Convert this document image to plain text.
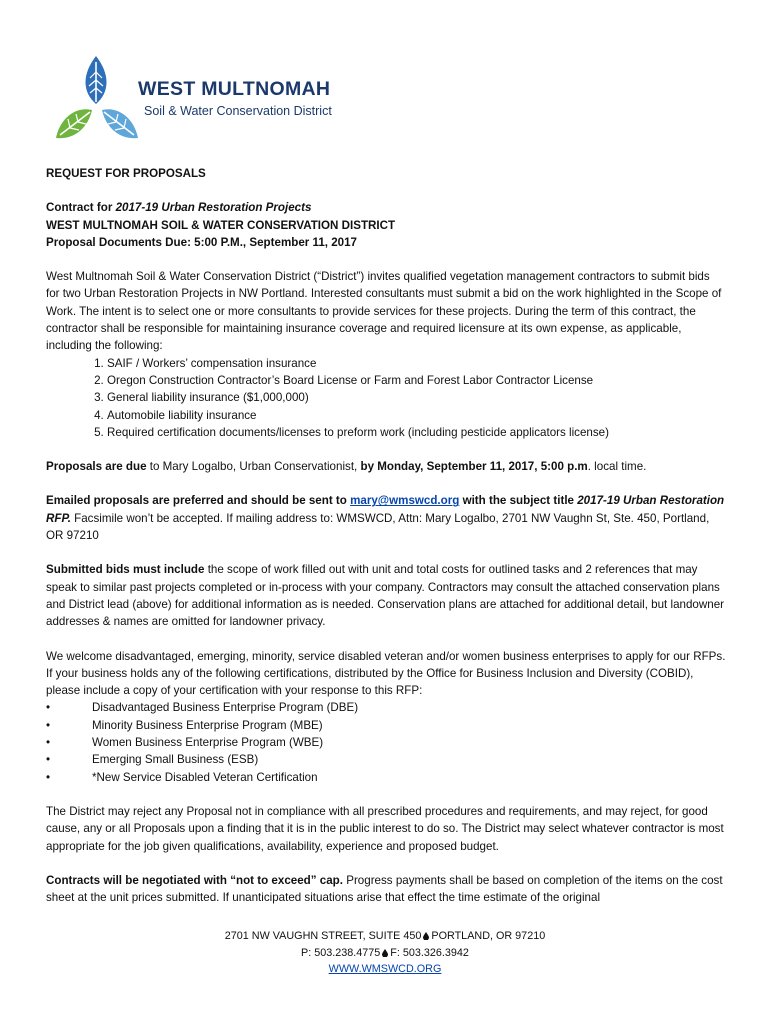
WEST MULTNOMAH
Soil & Water Conservation District

REQUEST FOR PROPOSALS

Contract for 2017-19 Urban Restoration Projects

WEST MULTNOMAH SOIL & WATER CONSERVATION DISTRICT

Proposal Documents Due: 5:00 P.M., September 11, 2017

West Multnomah Soil & Water Conservation District (“District”) invites qualified vegetation management contractors to submit bids for two Urban Restoration Projects in NW Portland. Interested consultants must submit a bid on the work highlighted in the Scope of Work. The intent is to select one or more consultants to provide services for these projects. During the term of this contract, the contractor shall be responsible for maintaining insurance coverage and required licensure at its own expense, as applicable, including the following:

1. SAIF / Workers’ compensation insurance
2. Oregon Construction Contractor’s Board License or Farm and Forest Labor Contractor License
3. General liability insurance ($1,000,000)
4. Automobile liability insurance
5. Required certification documents/licenses to preform work (including pesticide applicators license)

Proposals are due to Mary Logalbo, Urban Conservationist, by Monday, September 11, 2017, 5:00 p.m. local time.

Emailed proposals are preferred and should be sent to mary@wmswcd.org with the subject title 2017-19 Urban Restoration RFP. Facsimile won’t be accepted. If mailing address to: WMSWCD, Attn: Mary Logalbo, 2701 NW Vaughn St, Ste. 450, Portland, OR 97210

Submitted bids must include the scope of work filled out with unit and total costs for outlined tasks and 2 references that may speak to similar past projects completed or in-process with your company. Contractors may consult the attached conservation plans and District lead (above) for additional information as is needed. Conservation plans are attached for additional detail, but landowner addresses & names are omitted for landowner privacy.

We welcome disadvantaged, emerging, minority, service disabled veteran and/or women business enterprises to apply for our RFPs. If your business holds any of the following certifications, distributed by the Office for Business Inclusion and Diversity (COBID), please include a copy of your certification with your response to this RFP:

•	Disadvantaged Business Enterprise Program (DBE)
•	Minority Business Enterprise Program (MBE)
•	Women Business Enterprise Program (WBE)
•	Emerging Small Business (ESB)
•	*New Service Disabled Veteran Certification

The District may reject any Proposal not in compliance with all prescribed procedures and requirements, and may reject, for good cause, any or all Proposals upon a finding that it is in the public interest to do so. The District may select whatever contractor is most appropriate for the job given qualifications, availability, experience and proposed budget.

Contracts will be negotiated with “not to exceed” cap. Progress payments shall be based on completion of the items on the cost sheet at the unit prices submitted. If unanticipated situations arise that effect the time estimate of the original

2701 NW VAUGHN STREET, SUITE 450 PORTLAND, OR 97210
P: 503.238.4775 F: 503.326.3942
WWW.WMSWCD.ORG
